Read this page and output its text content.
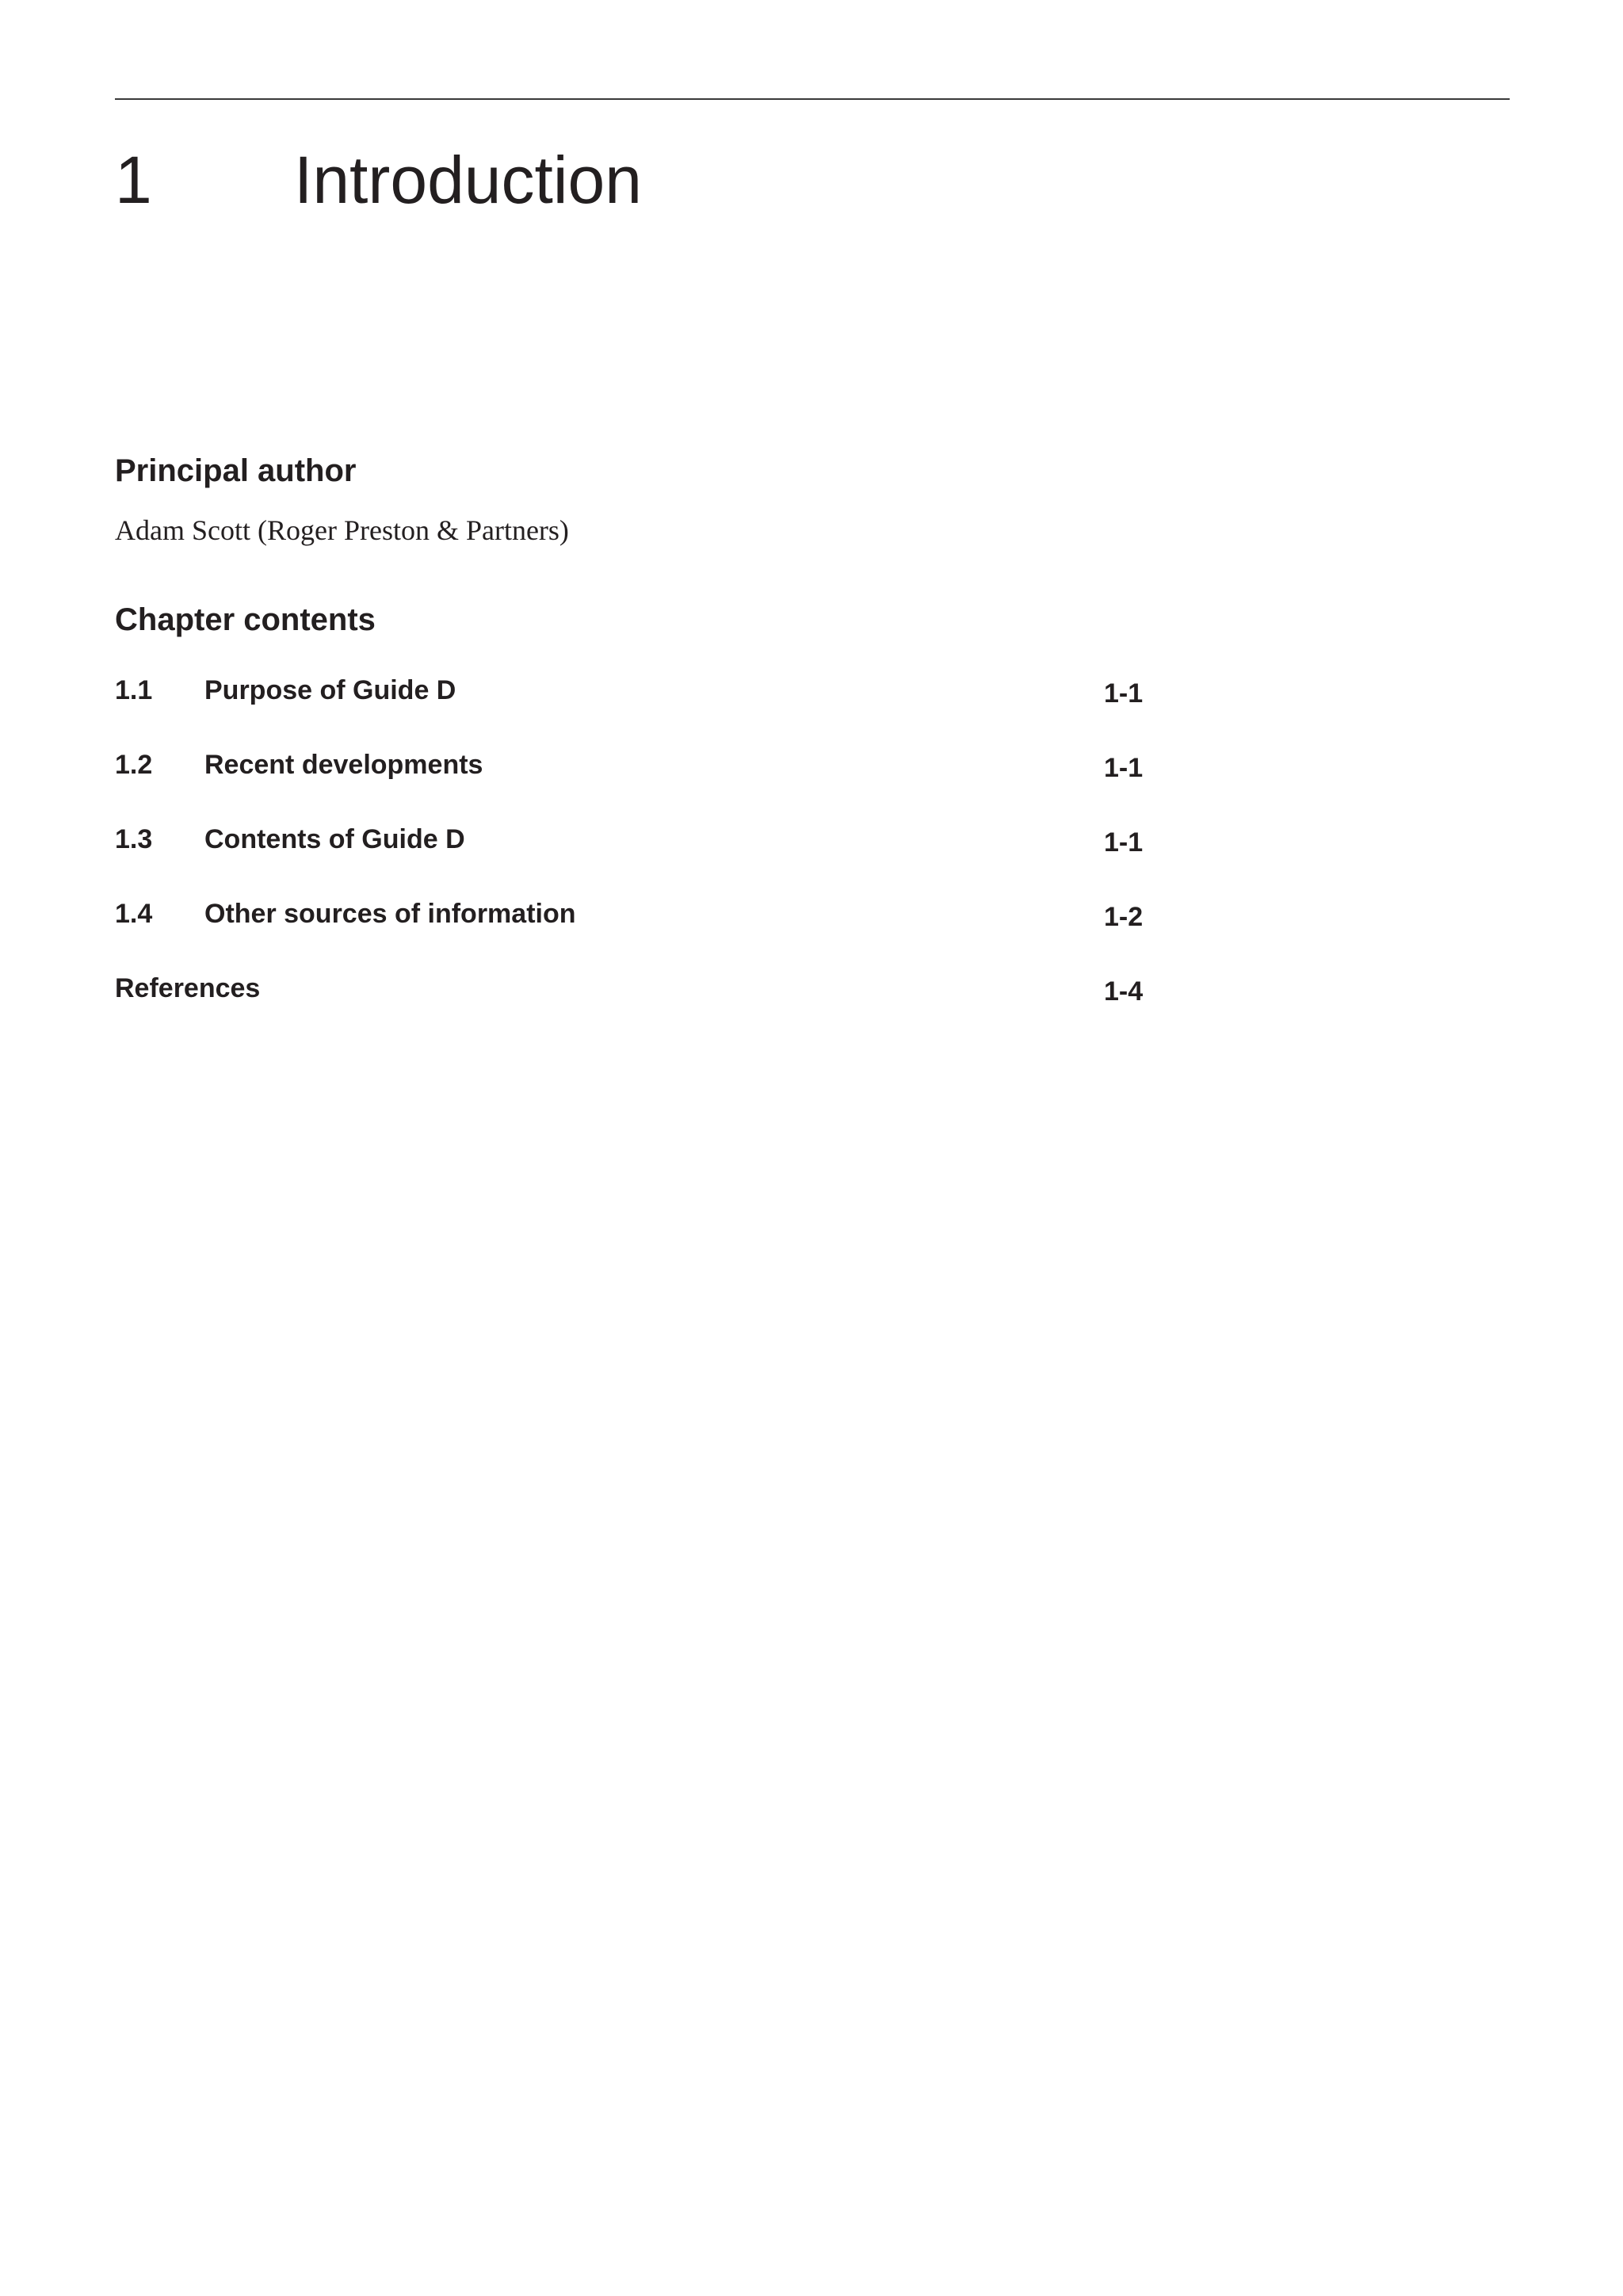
1	Introduction
Principal author
Adam Scott (Roger Preston & Partners)
Chapter contents
1.1 Purpose of Guide D	1-1
1.2 Recent developments	1-1
1.3 Contents of Guide D	1-1
1.4 Other sources of information	1-2
References	1-4
